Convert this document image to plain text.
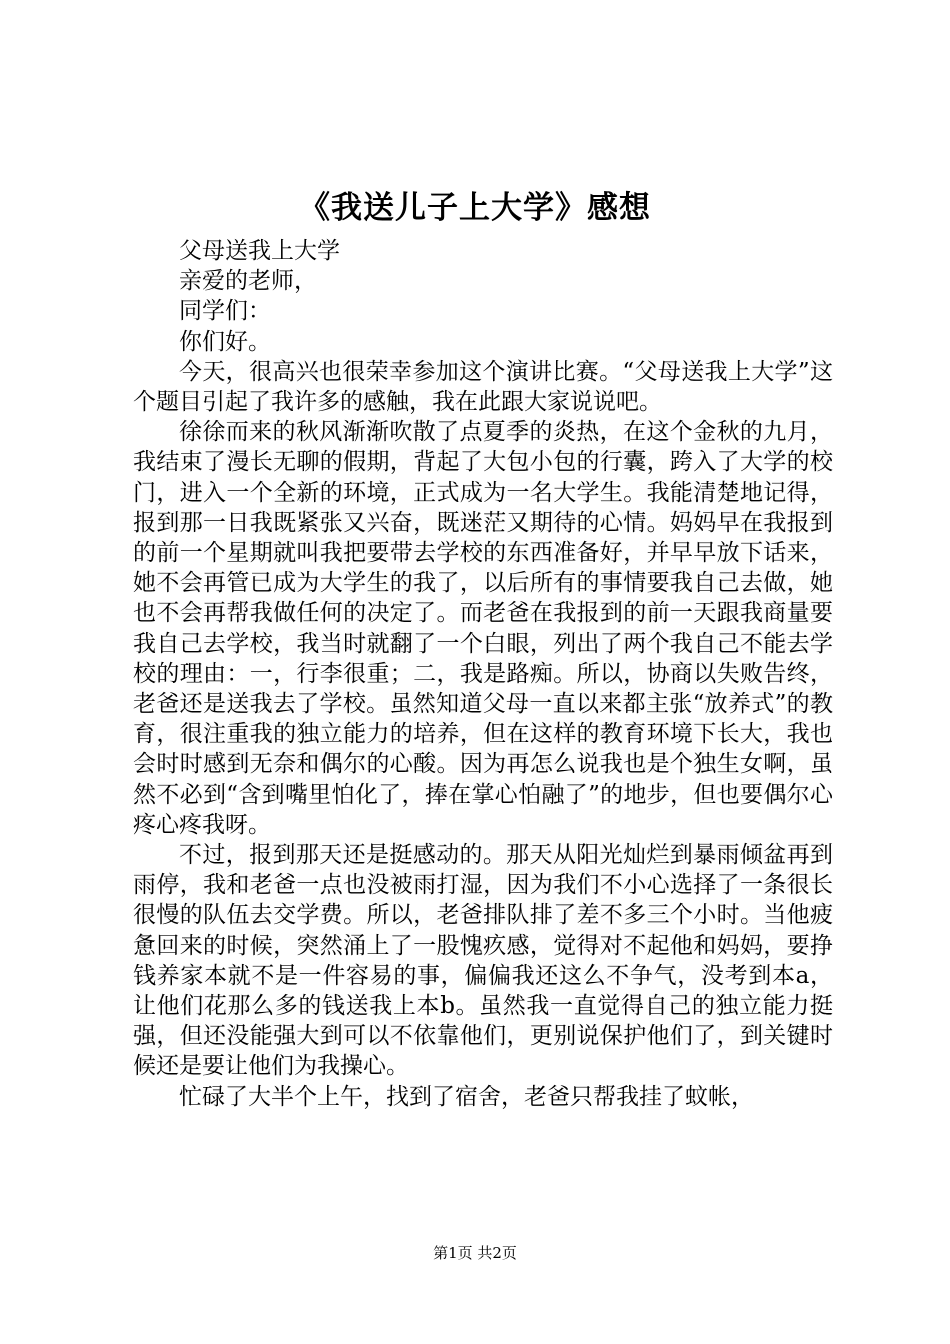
《我送儿子上大学》感想

父母送我上大学

亲爱的老师，

同学们：

你们好。

今天，很高兴也很荣幸参加这个演讲比赛。“父母送我上大学”这个题目引起了我许多的感触，我在此跟大家说说吧。

徐徐而来的秋风渐渐吹散了点夏季的炎热，在这个金秋的九月，我结束了漫长无聊的假期，背起了大包小包的行囊，跨入了大学的校门，进入一个全新的环境，正式成为一名大学生。我能清楚地记得，报到那一日我既紧张又兴奋，既迷茫又期待的心情。妈妈早在我报到的前一个星期就叫我把要带去学校的东西准备好，并早早放下话来，她不会再管已成为大学生的我了，以后所有的事情要我自己去做，她也不会再帮我做任何的决定了。而老爸在我报到的前一天跟我商量要我自己去学校，我当时就翻了一个白眼，列出了两个我自己不能去学校的理由：一，行李很重；二，我是路痴。所以，协商以失败告终，老爸还是送我去了学校。虽然知道父母一直以来都主张“放养式”的教育，很注重我的独立能力的培养，但在这样的教育环境下长大，我也会时时感到无奈和偶尔的心酸。因为再怎么说我也是个独生女啊，虽然不必到“含到嘴里怕化了，捧在掌心怕融了”的地步，但也要偶尔心疼心疼我呀。

不过，报到那天还是挺感动的。那天从阳光灿烂到暴雨倾盆再到雨停，我和老爸一点也没被雨打湿，因为我们不小心选择了一条很长很慢的队伍去交学费。所以，老爸排队排了差不多三个小时。当他疲惫回来的时候，突然涌上了一股愧疚感，觉得对不起他和妈妈，要挣钱养家本就不是一件容易的事，偏偏我还这么不争气，没考到本a，让他们花那么多的钱送我上本b。虽然我一直觉得自己的独立能力挺强，但还没能强大到可以不依靠他们，更别说保护他们了，到关键时候还是要让他们为我操心。

忙碌了大半个上午，找到了宿舍，老爸只帮我挂了蚊帐，

第1页 共2页
